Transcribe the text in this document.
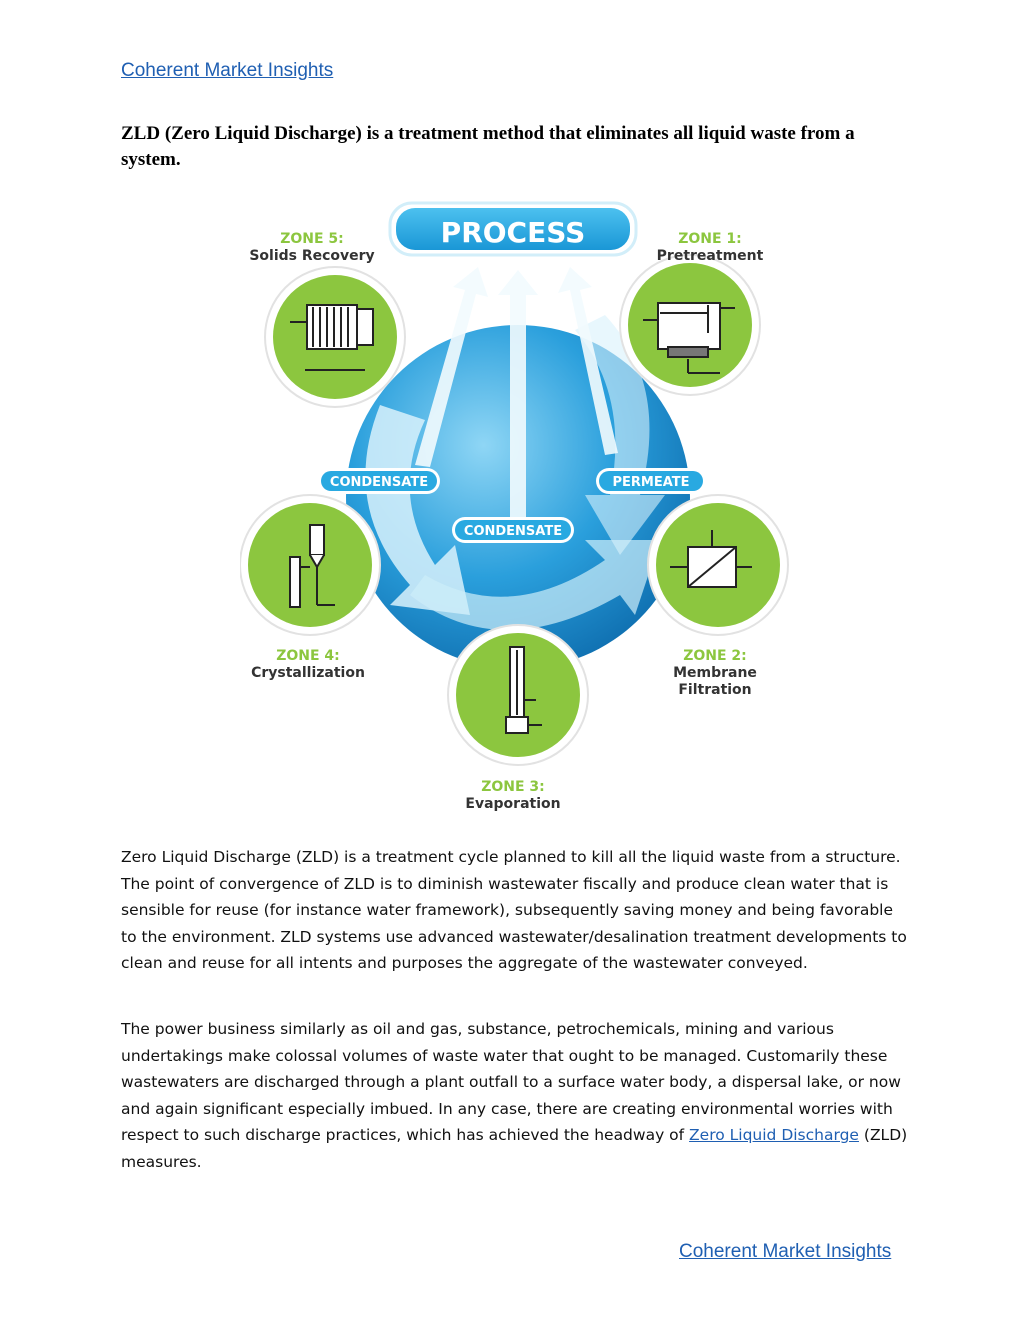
Coherent Market Insights
ZLD (Zero Liquid Discharge) is a treatment method that eliminates all liquid waste from a system.
PROCESS
CONDENSATE
CONDENSATE
PERMEATE
ZONE 5:
Solids Recovery
ZONE 1:
Pretreatment
ZONE 4:
Crystallization
ZONE 2:
Membrane
Filtration
ZONE 3:
Evaporation
Zero Liquid Discharge (ZLD) is a treatment cycle planned to kill all the liquid waste from a structure. The point of convergence of ZLD is to diminish wastewater fiscally and produce clean water that is sensible for reuse (for instance water framework), subsequently saving money and being favorable to the environment. ZLD systems use advanced wastewater/desalination treatment developments to clean and reuse for all intents and purposes the aggregate of the wastewater conveyed.
The power business similarly as oil and gas, substance, petrochemicals, mining and various undertakings make colossal volumes of waste water that ought to be managed. Customarily these wastewaters are discharged through a plant outfall to a surface water body, a dispersal lake, or now and again significant especially imbued. In any case, there are creating environmental worries with respect to such discharge practices, which has achieved the headway of Zero Liquid Discharge (ZLD) measures.
Coherent Market Insights
